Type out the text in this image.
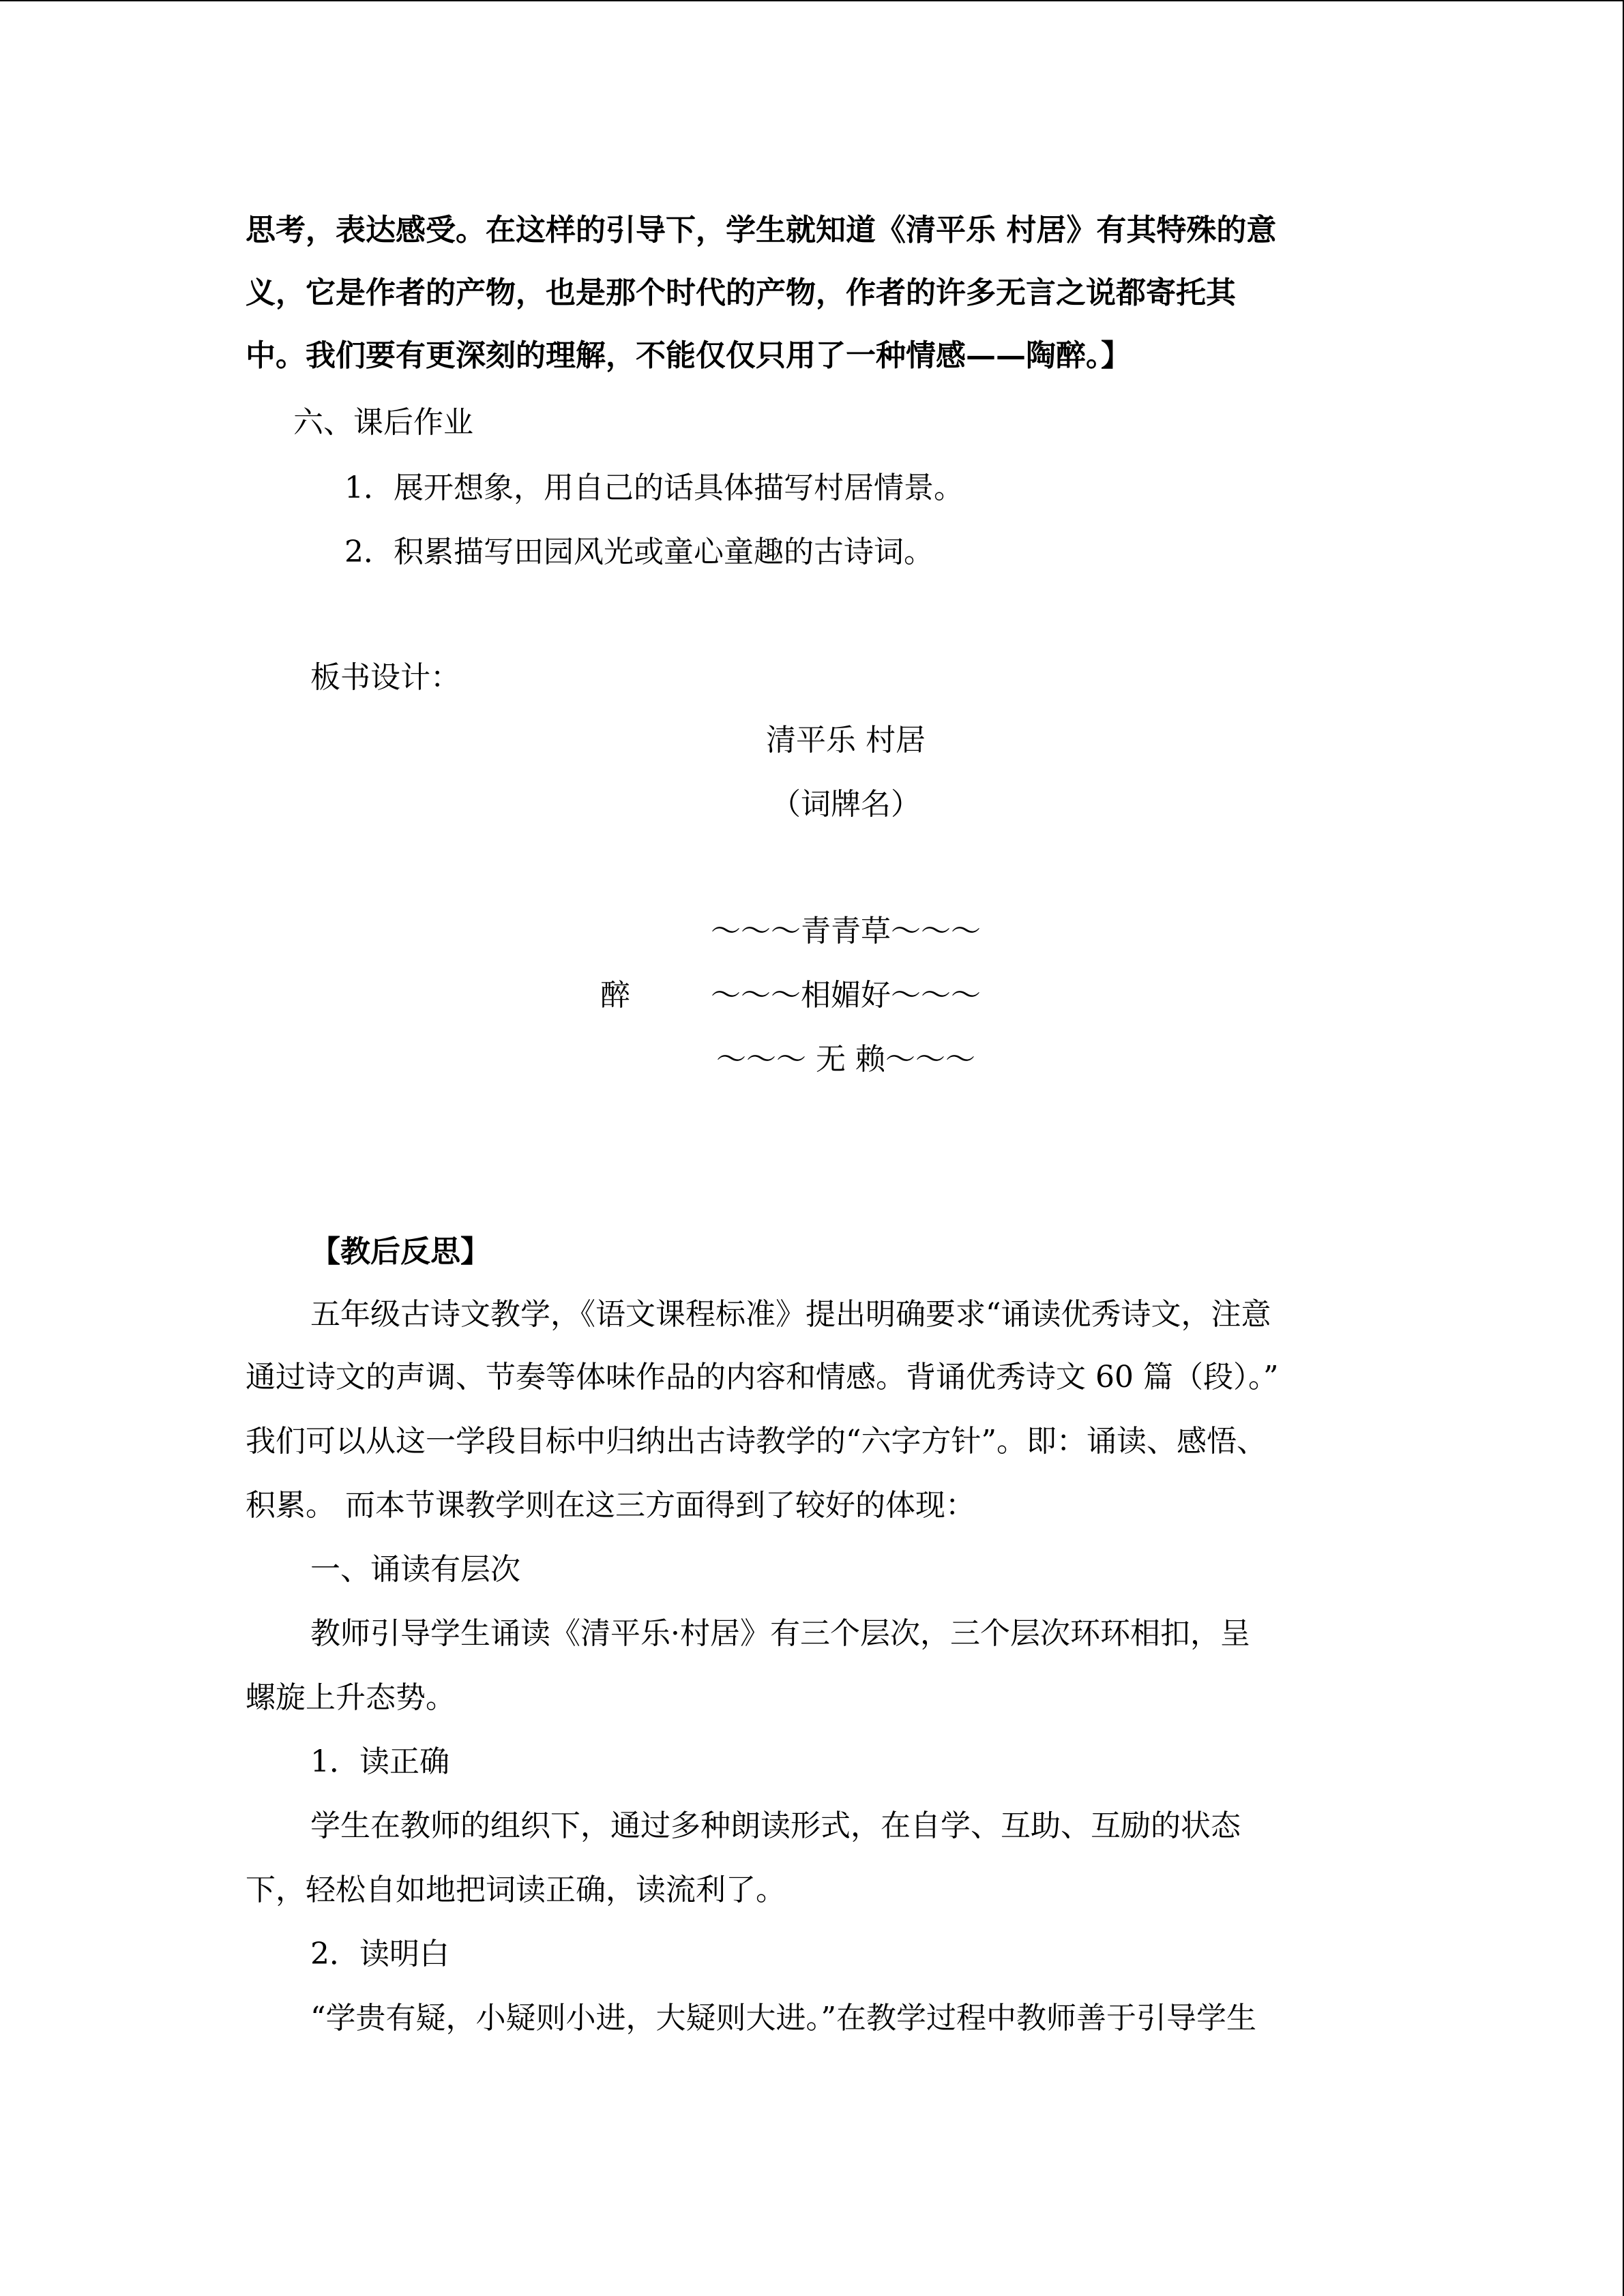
思考，表达感受。在这样的引导下，学生就知道《清平乐 村居》有其特殊的意
义，它是作者的产物，也是那个时代的产物，作者的许多无言之说都寄托其
中。我们要有更深刻的理解，不能仅仅只用了一种情感——陶醉。】
六、课后作业
1．展开想象，用自己的话具体描写村居情景。
2．积累描写田园风光或童心童趣的古诗词。
板书设计：
清平乐 村居
（词牌名）
～～～青青草～～～
醉	～～～相媚好～～～
～～～ 无 赖～～～
【教后反思】
五年级古诗文教学，《语文课程标准》提出明确要求“诵读优秀诗文，注意
通过诗文的声调、节奏等体味作品的内容和情感。背诵优秀诗文 60 篇（段）。”
我们可以从这一学段目标中归纳出古诗教学的“六字方针”。即：诵读、感悟、
积累。 而本节课教学则在这三方面得到了较好的体现：
一、诵读有层次
教师引导学生诵读《清平乐·村居》有三个层次，三个层次环环相扣，呈
螺旋上升态势。
1．读正确
学生在教师的组织下，通过多种朗读形式，在自学、互助、互励的状态
下，轻松自如地把词读正确，读流利了。
2．读明白
“学贵有疑，小疑则小进，大疑则大进。”在教学过程中教师善于引导学生
